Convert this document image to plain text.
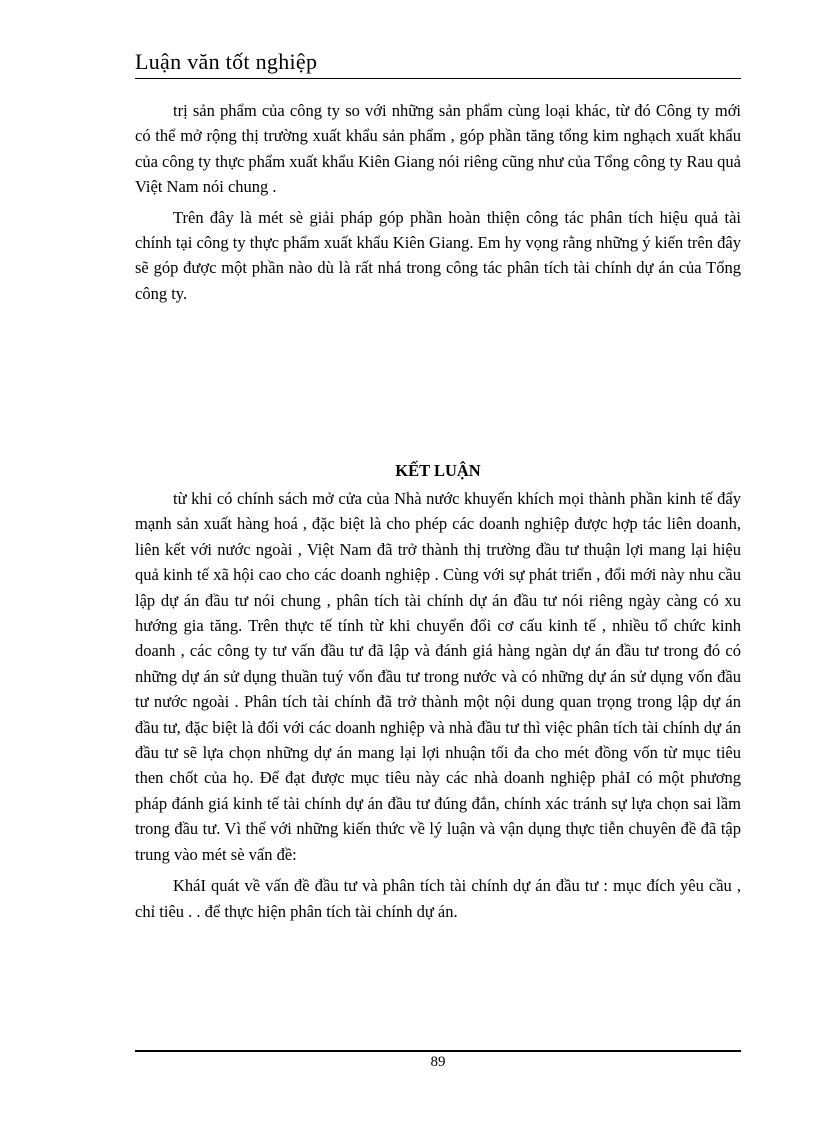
Luận văn tốt nghiệp

trị sản phẩm của công ty so với những sản phẩm cùng loại khác, từ đó Công ty mới có thể mở rộng thị trường xuất khẩu sản phẩm , góp phần tăng tổng kim nghạch xuất khẩu của công ty thực phẩm xuất khẩu Kiên Giang nói riêng cũng như của Tổng công ty Rau quả Việt Nam nói chung .

Trên đây là mét sè giải pháp góp phần hoàn thiện công tác phân tích hiệu quả tài chính tại công ty thực phẩm xuất khẩu Kiên Giang. Em hy vọng rằng những ý kiến trên đây sẽ góp được một phần nào dù là rất nhá trong công tác phân tích tài chính dự án của Tổng công ty.

KẾT LUẬN

từ khi có chính sách mở cửa của Nhà nước khuyến khích mọi thành phần kinh tế đẩy mạnh sản xuất hàng hoá , đặc biệt là cho phép các doanh nghiệp được hợp tác liên doanh, liên kết với nước ngoài , Việt Nam đã trở thành thị trường đầu tư thuận lợi mang lại hiệu quả kinh tế xã hội cao cho các doanh nghiệp . Cùng với sự phát triển , đổi mới này nhu cầu lập dự án đầu tư nói chung , phân tích tài chính dự án đầu tư nói riêng ngày càng có xu hướng gia tăng. Trên thực tế tính từ khi chuyển đổi cơ cấu kinh tế , nhiều tổ chức kinh doanh , các công ty tư vấn đầu tư đã lập và đánh giá hàng ngàn dự án đầu tư trong đó có những dự án sử dụng thuần tuý vốn đầu tư trong nước và có những dự án sử dụng vốn đầu tư nước ngoài . Phân tích tài chính đã trở thành một nội dung quan trọng trong lập dự án đầu tư, đặc biệt là đối với các doanh nghiệp và nhà đầu tư thì việc phân tích tài chính dự án đầu tư sẽ lựa chọn những dự án mang lại lợi nhuận tối đa cho mét đồng vốn từ mục tiêu then chốt của họ. Để đạt được mục tiêu này các nhà doanh nghiệp phảI có một phương pháp đánh giá kinh tế tài chính dự án đầu tư đúng đắn, chính xác tránh sự lựa chọn sai lầm trong đầu tư. Vì thế với những kiến thức về lý luận và vận dụng thực tiễn chuyên đề đã tập trung vào mét sè vấn đề:

KháI quát về vấn đề đầu tư và phân tích tài chính dự án đầu tư : mục đích yêu cầu , chỉ tiêu . . để thực hiện phân tích tài chính dự án.

89
